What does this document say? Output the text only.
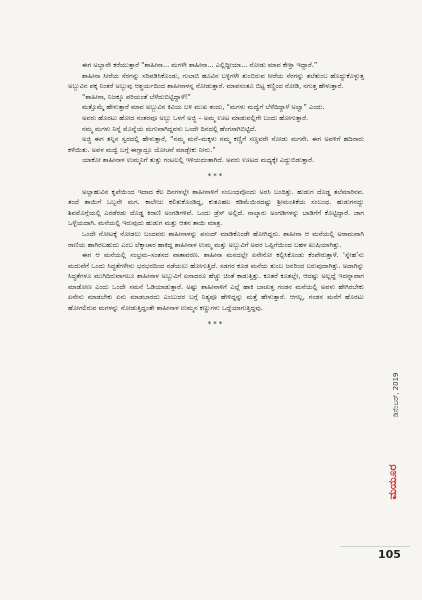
ಈಗ ಅಬ್ಬಾನೇ ಕರೆಯುತ್ತಾರೆ “ಶಾಹೀನಾ... ಮಗಳೇ ಶಾಹೀನಾ... ಎಲ್ಲಿದ್ದೀಯಾ... ನೋಡು ಮಾವ ಕೇಳ್ತಾ ಇದ್ದಾರೆ.”

ಶಾಹೀನಾ ಸೀರೆಯ ಸೆರಗನ್ನು ಸರಿಪಡಿಸಿಕೊಂಡು, ಗುಲಾಬಿ ಹೂವಿನ ಬಳ್ಳಿಗಳೇ ತುಂಬಿರುವ ಸೀರೆಯ ಸೆರಗನ್ನು ತಲೆತುಂಬ ಹೊದ್ದುಕೊಳ್ಳುತ್ತ ಅಬ್ಬುವಿನ ಪಕ್ಕ ನಿಂತರೆ ಅಬ್ಬುವು ಆಶ್ಚರ್ಯದಿಂದ ಶಾಹೀನಾಳನ್ನ ನೋಡುತ್ತಾರೆ. ಮಾವನಂತೂ ಬಿಟ್ಟ ಕಣ್ಣಿಂದ ನೋಡಿ, ನಗುತ್ತ ಹೇಳುತ್ತಾರೆ.

“ಶಾಹೀನಾ, ನಿಜಕ್ಕೂ ಪರಿಯಂತೆ ಬೆಳೆದುಬಿಟ್ಟಿದ್ದಾಳೆ!”

ಮತ್ತೊಮ್ಮೆ ಹೇಳುತ್ತಾರೆ ಮಾವ ಅಬ್ಬುವಿನ ಕಿವಿಯ ಬಳಿ ಮುಖ ತಂದು, “ಮಗಳು ಮದ್ವೆಗೆ ಬೆಳೆದಿದ್ದಾಳೆ ಅಲ್ವಾ” ಎಂದು.

ಅವರು ಹೊರಟು ಹೋದ ನಂತರವೂ ಅಬ್ಬು ಒಳಗೆ ಅಜ್ಜಿ – ಅಮ್ಮ ಊಟ ಮಾಡುವಲ್ಲಿಗೇ ಬಂದು ಹೋಗುತ್ತಾರೆ.

ನಮ್ಮ ಮಗಳು ನಿನ್ನೆ ಮೊನ್ನೆಯ ಮಗುವಾಗಿದ್ದವಳು ಒಂದೇ ದಿನದಲ್ಲಿ ಹೆಂಗಸಾಗಿಬಿಟ್ಟಿದೆ.

ಅಜ್ಜಿ ಈಗ ತನ್ನಿನ ಸ್ವರದಲ್ಲಿ ಹೇಳುತ್ತಾರೆ, “ನಮ್ಮ ಮನೆ–ಮಕ್ಕಳು ನಮ್ಮ ಕಣ್ಣಿಗೆ ಸಣ್ಣವರೇ ನೋಡು ಮಗನೇ. ಈಗ ಅವಳಿಗೆ ಹದಿನಾರು ಕಳೆಯಿತು. ಅವಳ ಮದ್ವೆ ಬಗ್ಗೆ ಈಗ್ಲಾದ್ರೂ ಯೋಚನೆ ಮಾಡ್ಬೇಕು ನೀನು.”

ಯಾಕೋ ಶಾಹೀನಾಳ ಉಮ್ಮನಿಗೆ ತುತ್ತು ಗಂಟಲಲ್ಲಿ ಇಳಿಯದಂತಾಗಿದೆ. ಅವರು ಊಟದ ಮಧ್ಯಕ್ಕೇ ಎದ್ದುಬಿಡುತ್ತಾರೆ.

***

ಅಲ್ಲಾಹುವಿನ ಕೃಪೆಯಿಂದ ಇದಾದ ಕೆಲ ದಿನಗಳಲ್ಲೇ ಶಾಹೀನಾಳಿಗೆ ಸಂಬಂಧವೊಂದು ಅರಸಿ ಬಂದಿತ್ತು. ಹುಡುಗ ದೊಡ್ಡ ತಲೆಮಾರಿನವ. ತಂದೆ ತಾಯಿಗೆ ಒಬ್ಬನೇ ಮಗ. ಕಾಲೇಜು ಕಲಿತುಕೊಂಡಿದ್ದ, ಕುತೂಹಲ ಕಡಿಮೆಯಿರದಷ್ಟು ಶ್ರೀಮಂತಿಕೆಯ ಸಂಬಂಧ. ಹುಡುಗನದ್ದು ಶಿವಮೊಗ್ಗೆಯಲ್ಲಿ ಎರಡೆರಡು ದೊಡ್ಡ ಕಿರಾಣಿ ಅಂಗಡಿಗಳಿವೆ. ಒಂದು ಡ್ರೆಸ್ ಅಲ್ಲಿದೆ. ನಾಲ್ಕಾರು ಅಂಗಡಿಗಳನ್ನು ಬಾಡಿಗೆಗೆ ಕೊಟ್ಟಿದ್ದಾರೆ. ಜಾಗ ಒಳ್ಳೆಯದಾಗಿ. ಮನೆಯಲ್ಲಿ ಇರುವುದು ಹುಡುಗ ಮತ್ತು ಆತನ ತಾಯಿ ಮಾತ್ರ.

ಒಂದೇ ನೋಟಕ್ಕೆ ನೋಡಲು ಬಂದವರು ಶಾಹೀನಾಳನ್ನು ಪಸಂದ್ ಮಾಡಿಕೊಂಡೇ ಹೋಗಿದ್ದರು. ಶಾಹೀನಾ ಆ ಮನೆಯಲ್ಲಿ ಅರಾಮವಾಗಿ ರಾಣಿಯ ಹಾಗಿರಬಹುದು ಎಂಬ ಲೆಕ್ಕಾಚಾರ ಹಾಕಿದ್ದ ಶಾಹೀನಾಳ ಉಮ್ಮ ಮತ್ತು ಅಬ್ಬುವಿಗೆ ಅವರ ಒಪ್ಪಿಗೆಯಿಂದ ಬಹಳ ಖುಷಿಯಾಗಿತ್ತು.

ಈಗ ಆ ಮನೆಯಲ್ಲಿ ಸಂಭ್ರಮ–ಸಂತಸದ ವಾತಾವರಣ. ಶಾಹೀನಾ ಮನದಲ್ಲೇ ಏನೇನೋ ಕಲ್ಪಿಸಿಕೊಂಡು ಕೆಂಪೇರುತ್ತಾಳೆ. ‘ಸ್ನೇಹ’ನು ಮದುವೆಗೆ ಒಂದು ಸಿದ್ಧತೆಗಳೇನು ಭರಭರದಿಂದ ನಡೆಯಲು ಹೋಗುತ್ತಿದೆ. ಸಡಗರ ಕೂಡ ಮನೆಯ ತುಂಬ ಜನರಿಂದ ಬರುವುದಾಗಿತ್ತು. ಅದಾಗಿನ್ನು ಸಿದ್ಧತೆಗಳೂ ಮುಗಿದಿರುವಾಗಲೂ ಶಾಹೀನಾಳ ಅಬ್ಬುವಿಗೆ ಏನಾದರೂ ಹೆಚ್ಚು ಚಿಂತೆ ಕಾಡುತ್ತಿತ್ತು. ಕೂತರೆ ಕೂತಲ್ಲೇ, ಆದಷ್ಟು ಅಲ್ಲದ್ದೆ ಇದನ್ನಾವಾಗ ಮಾಡೋಣ ಎಂದು ಒಂದೇ ಸಮನೆ ಓಡಿಯಾಡುತ್ತಾರೆ. ಅಷ್ಟು ಶಾಹೀನಾಳಿಗೆ ಎಲ್ಲೆ ಹಾಕಿ ಬಾಚುತ್ತ ಗಂಡನ ಮನೆಯಲ್ಲಿ ಅವಳು ಹೇಗಿರಬೇಕು ಏನೇನು ಮಾಡಬೇಕು ಏನು ಮಾಡಬಾರದು ಎಂಬುದರ ಬಗ್ಗೆ ನಿತ್ಯವೂ ಹೇಳಿದ್ದನ್ನು ಮತ್ತೆ ಹೇಳುತ್ತಾರೆ. ಆಗಲ್ಲ, ಗಂಡನ ಮನೆಗೆ ಹೊರಟು ಹೋಗಲಿರುವ ಮಗಳನ್ನು ನೋಡುತ್ತಿದ್ದಂತೇ ಶಾಹೀನಾಳ ಉಮ್ಮನ ಕಣ್ಣುಗಳು ಒದ್ದೆಯಾಗುತ್ತಿದ್ದವು.

***
ಡಿಸೆಂಬರ್, 2019
ಮಯೂರ
105
